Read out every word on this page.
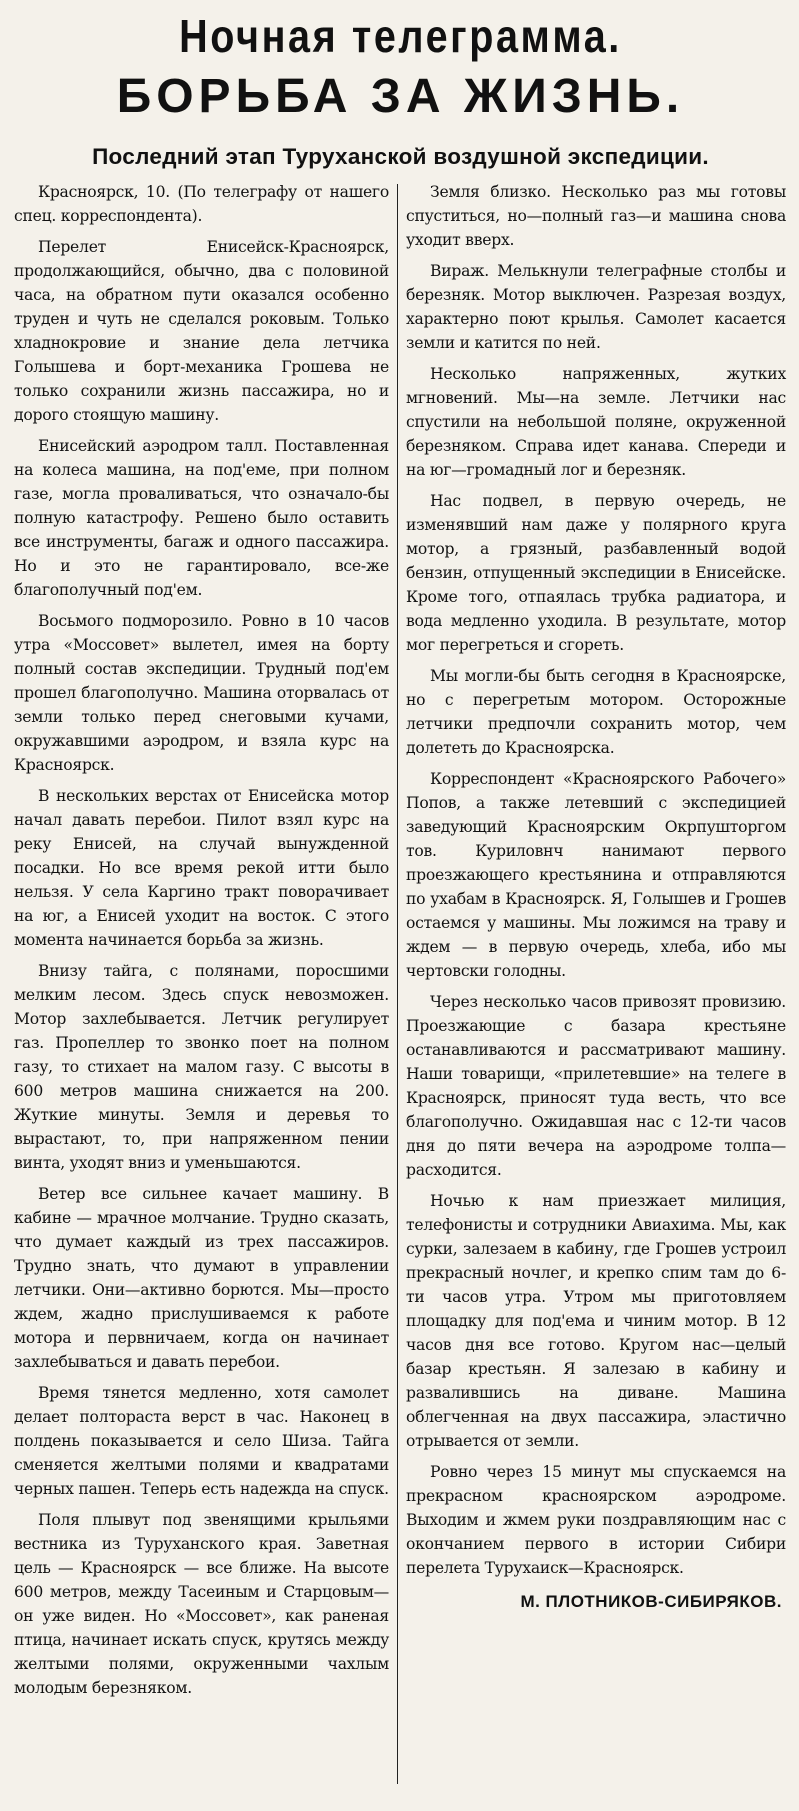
Ночная телеграмма.
БОРЬБА ЗА ЖИЗНЬ.
Последний этап Туруханской воздушной экспедиции.

Красноярск, 10. (По телеграфу от нашего спец. корреспондента).

Перелет Енисейск-Красноярск, продолжающийся, обычно, два с половиной часа, на обратном пути оказался особенно труден и чуть не сделался роковым. Только хладнокровие и знание дела летчика Голышева и борт-механика Грошева не только сохранили жизнь пассажира, но и дорого стоящую машину.

Енисейский аэродром талл. Поставленная на колеса машина, на под'еме, при полном газе, могла проваливаться, что означало-бы полную катастрофу. Решено было оставить все инструменты, багаж и одного пассажира. Но и это не гарантировало, все-же благополучный под'ем.

Восьмого подморозило. Ровно в 10 часов утра «Моссовет» вылетел, имея на борту полный состав экспедиции. Трудный под'ем прошел благополучно. Машина оторвалась от земли только перед снеговыми кучами, окружавшими аэродром, и взяла курс на Красноярск.

В нескольких верстах от Енисейска мотор начал давать перебои. Пилот взял курс на реку Енисей, на случай вынужденной посадки. Но все время рекой итти было нельзя. У села Каргино тракт поворачивает на юг, а Енисей уходит на восток. С этого момента начинается борьба за жизнь.

Внизу тайга, с полянами, поросшими мелким лесом. Здесь спуск невозможен. Мотор захлебывается. Летчик регулирует газ. Пропеллер то звонко поет на полном газу, то стихает на малом газу. С высоты в 600 метров машина снижается на 200. Жуткие минуты. Земля и деревья то вырастают, то, при напряженном пении винта, уходят вниз и уменьшаются.

Ветер все сильнее качает машину. В кабине — мрачное молчание. Трудно сказать, что думает каждый из трех пассажиров. Трудно знать, что думают в управлении летчики. Они—активно борются. Мы—просто ждем, жадно прислушиваемся к работе мотора и первничаем, когда он начинает захлебываться и давать перебои.

Время тянется медленно, хотя самолет делает полтораста верст в час. Наконец в полдень показывается и село Шиза. Тайга сменяется желтыми полями и квадратами черных пашен. Теперь есть надежда на спуск.

Поля плывут под звенящими крыльями вестника из Туруханского края. Заветная цель — Красноярск — все ближе. На высоте 600 метров, между Тасеиным и Старцовым—он уже виден. Но «Моссовет», как раненая птица, начинает искать спуск, крутясь между желтыми полями, окруженными чахлым молодым березняком.

Земля близко. Несколько раз мы готовы спуститься, но—полный газ—и машина снова уходит вверх.

Вираж. Мелькнули телеграфные столбы и березняк. Мотор выключен. Разрезая воздух, характерно поют крылья. Самолет касается земли и катится по ней.

Несколько напряженных, жутких мгновений. Мы—на земле. Летчики нас спустили на небольшой поляне, окруженной березняком. Справа идет канава. Спереди и на юг—громадный лог и березняк.

Нас подвел, в первую очередь, не изменявший нам даже у полярного круга мотор, а грязный, разбавленный водой бензин, отпущенный экспедиции в Енисейске. Кроме того, отпаялась трубка радиатора, и вода медленно уходила. В результате, мотор мог перегреться и сгореть.

Мы могли-бы быть сегодня в Красноярске, но с перегретым мотором. Осторожные летчики предпочли сохранить мотор, чем долететь до Красноярска.

Корреспондент «Красноярского Рабочего» Попов, а также летевший с экспедицией заведующий Красноярским Окрпушторгом тов. Куриловнч нанимают первого проезжающего крестьянина и отправляются по ухабам в Красноярск. Я, Голышев и Грошев остаемся у машины. Мы ложимся на траву и ждем — в первую очередь, хлеба, ибо мы чертовски голодны.

Через несколько часов привозят провизию. Проезжающие с базара крестьяне останавливаются и рассматривают машину. Наши товарищи, «прилетевшие» на телеге в Красноярск, приносят туда весть, что все благополучно. Ожидавшая нас с 12-ти часов дня до пяти вечера на аэродроме толпа—расходится.

Ночью к нам приезжает милиция, телефонисты и сотрудники Авиахима. Мы, как сурки, залезаем в кабину, где Грошев устроил прекрасный ночлег, и крепко спим там до 6-ти часов утра. Утром мы приготовляем площадку для под'ема и чиним мотор. В 12 часов дня все готово. Кругом нас—целый базар крестьян. Я залезаю в кабину и развалившись на диване. Машина облегченная на двух пассажира, эластично отрывается от земли.

Ровно через 15 минут мы спускаемся на прекрасном красноярском аэродроме. Выходим и жмем руки поздравляющим нас с окончанием первого в истории Сибири перелета Турухаиск—Красноярск.

М. ПЛОТНИКОВ-СИБИРЯКОВ.
